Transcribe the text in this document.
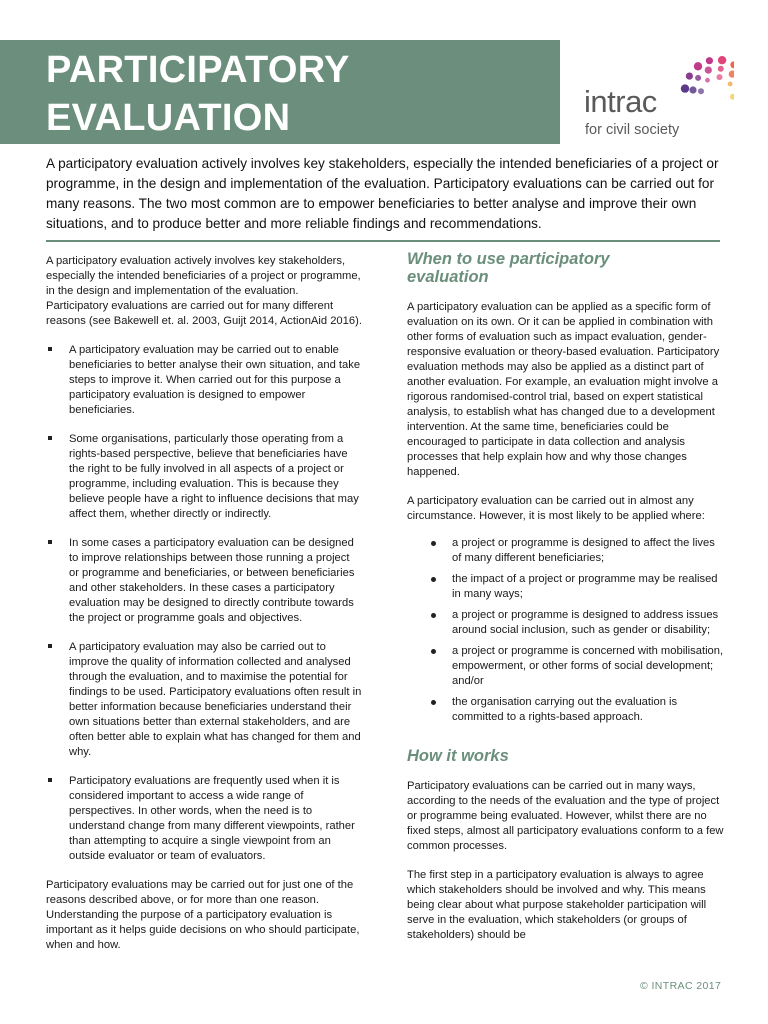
PARTICIPATORY
EVALUATION	intrac
for civil society

A participatory evaluation actively involves key stakeholders, especially the intended beneficiaries of a project or programme, in the design and implementation of the evaluation. Participatory evaluations can be carried out for many reasons. The two most common are to empower beneficiaries to better analyse and improve their own situations, and to produce better and more reliable findings and recommendations.

A participatory evaluation actively involves key stakeholders, especially the intended beneficiaries of a project or programme, in the design and implementation of the evaluation. Participatory evaluations are carried out for many different reasons (see Bakewell et. al. 2003, Guijt 2014, ActionAid 2016).

A participatory evaluation may be carried out to enable beneficiaries to better analyse their own situation, and take steps to improve it. When carried out for this purpose a participatory evaluation is designed to empower beneficiaries.
Some organisations, particularly those operating from a rights-based perspective, believe that beneficiaries have the right to be fully involved in all aspects of a project or programme, including evaluation. This is because they believe people have a right to influence decisions that may affect them, whether directly or indirectly.
In some cases a participatory evaluation can be designed to improve relationships between those running a project or programme and beneficiaries, or between beneficiaries and other stakeholders. In these cases a participatory evaluation may be designed to directly contribute towards the project or programme goals and objectives.
A participatory evaluation may also be carried out to improve the quality of information collected and analysed through the evaluation, and to maximise the potential for findings to be used. Participatory evaluations often result in better information because beneficiaries understand their own situations better than external stakeholders, and are often better able to explain what has changed for them and why.
Participatory evaluations are frequently used when it is considered important to access a wide range of perspectives. In other words, when the need is to understand change from many different viewpoints, rather than attempting to acquire a single viewpoint from an outside evaluator or team of evaluators.

Participatory evaluations may be carried out for just one of the reasons described above, or for more than one reason. Understanding the purpose of a participatory evaluation is important as it helps guide decisions on who should participate, when and how.

When to use participatory
evaluation

A participatory evaluation can be applied as a specific form of evaluation on its own. Or it can be applied in combination with other forms of evaluation such as impact evaluation, gender-responsive evaluation or theory-based evaluation. Participatory evaluation methods may also be applied as a distinct part of another evaluation. For example, an evaluation might involve a rigorous randomised-control trial, based on expert statistical analysis, to establish what has changed due to a development intervention. At the same time, beneficiaries could be encouraged to participate in data collection and analysis processes that help explain how and why those changes happened.

A participatory evaluation can be carried out in almost any circumstance. However, it is most likely to be applied where:

a project or programme is designed to affect the lives of many different beneficiaries;
the impact of a project or programme may be realised in many ways;
a project or programme is designed to address issues around social inclusion, such as gender or disability;
a project or programme is concerned with mobilisation, empowerment, or other forms of social development; and/or
the organisation carrying out the evaluation is committed to a rights-based approach.
How it works

Participatory evaluations can be carried out in many ways, according to the needs of the evaluation and the type of project or programme being evaluated. However, whilst there are no fixed steps, almost all participatory evaluations conform to a few common processes.

The first step in a participatory evaluation is always to agree which stakeholders should be involved and why. This means being clear about what purpose stakeholder participation will serve in the evaluation, which stakeholders (or groups of stakeholders) should be

© INTRAC 2017
